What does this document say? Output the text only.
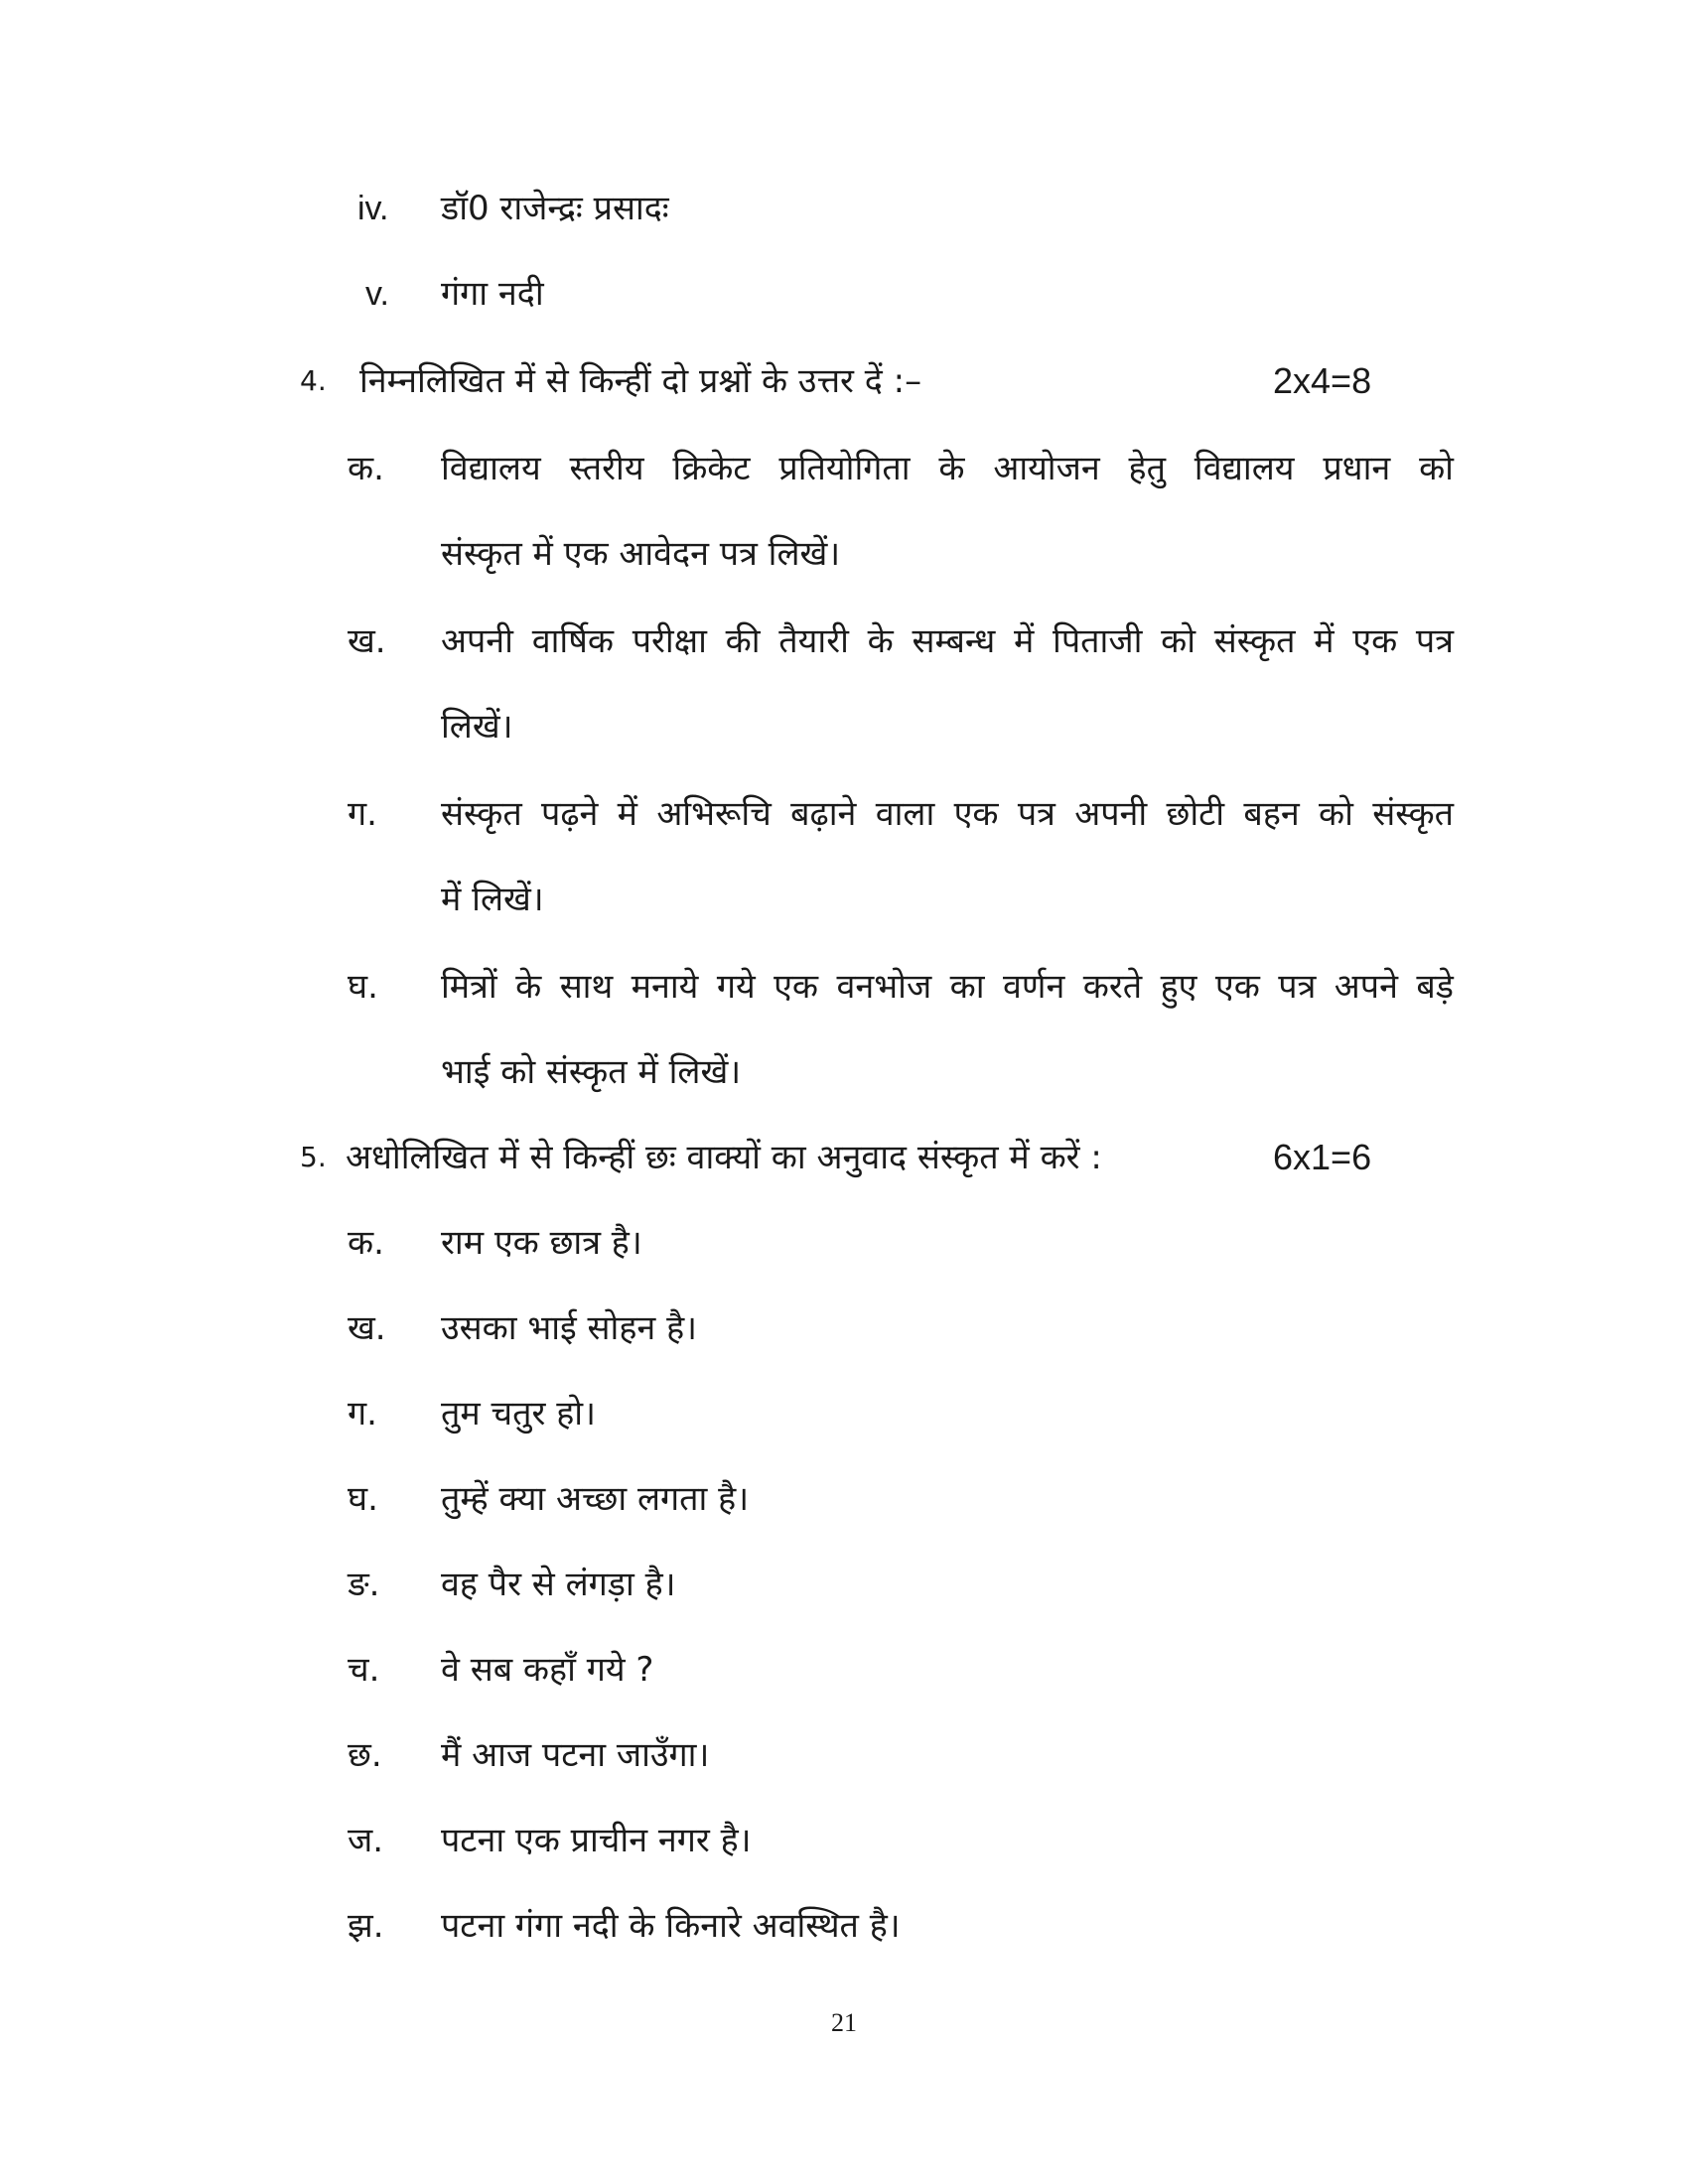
iv. डॉ0 राजेन्द्रः प्रसादः
v. गंगा नदी
4. निम्नलिखित में से किन्हीं दो प्रश्नों के उत्तर दें :–	2x4=8
क. विद्यालय स्तरीय क्रिकेट प्रतियोगिता के आयोजन हेतु विद्यालय प्रधान को
संस्कृत में एक आवेदन पत्र लिखें।
ख. अपनी वार्षिक परीक्षा की तैयारी के सम्बन्ध में पिताजी को संस्कृत में एक पत्र
लिखें।
ग. संस्कृत पढ़ने में अभिरूचि बढ़ाने वाला एक पत्र अपनी छोटी बहन को संस्कृत
में लिखें।
घ. मित्रों के साथ मनाये गये एक वनभोज का वर्णन करते हुए एक पत्र अपने बड़े
भाई को संस्कृत में लिखें।
5. अधोलिखित में से किन्हीं छः वाक्यों का अनुवाद संस्कृत में करें :	6x1=6
क. राम एक छात्र है।
ख. उसका भाई सोहन है।
ग. तुम चतुर हो।
घ. तुम्हें क्या अच्छा लगता है।
ङ. वह पैर से लंगड़ा है।
च. वे सब कहाँ गये ?
छ. मैं आज पटना जाउँगा।
ज. पटना एक प्राचीन नगर है।
झ. पटना गंगा नदी के किनारे अवस्थित है।
21
